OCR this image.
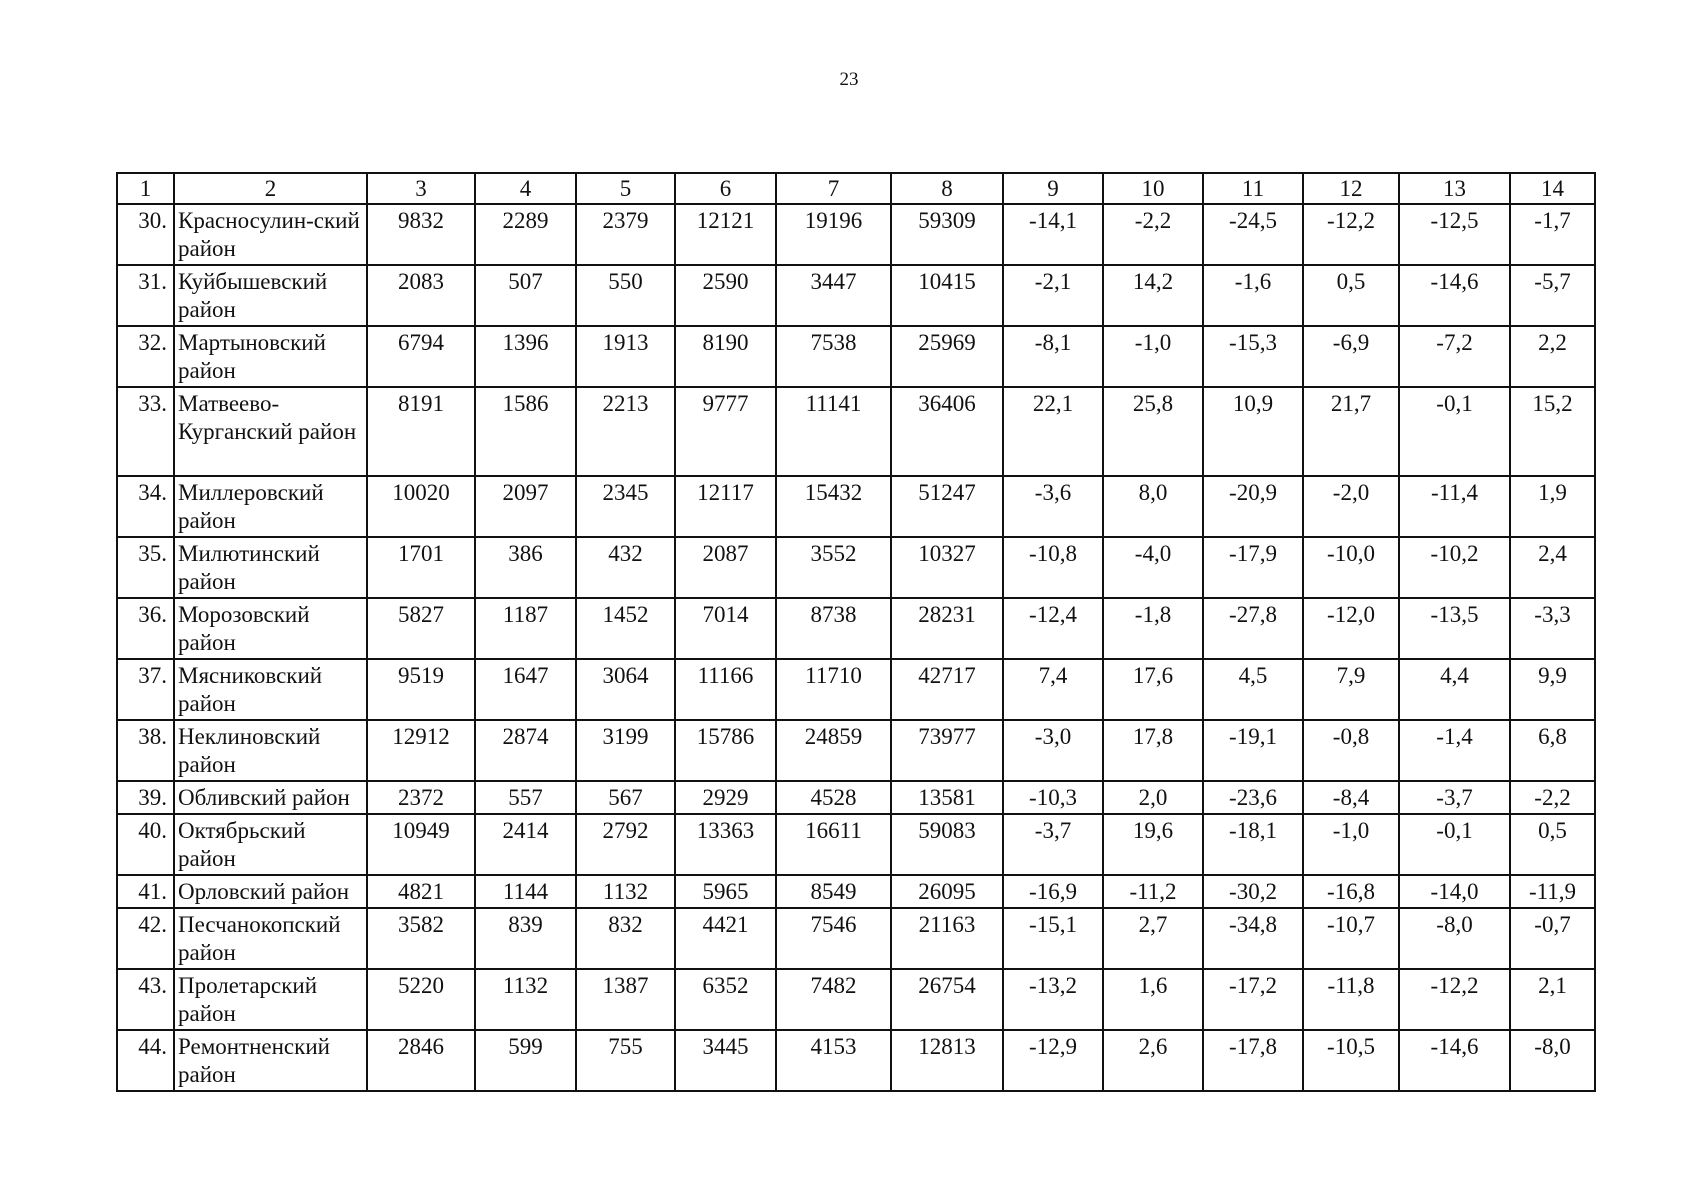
23
1	2	3	4	5	6	7	8	9	10	11	12	13	14
30.	Красносулин-ский район	9832	2289	2379	12121	19196	59309	-14,1	-2,2	-24,5	-12,2	-12,5	-1,7
31.	Куйбышевский район	2083	507	550	2590	3447	10415	-2,1	14,2	-1,6	0,5	-14,6	-5,7
32.	Мартыновский район	6794	1396	1913	8190	7538	25969	-8,1	-1,0	-15,3	-6,9	-7,2	2,2
33.	Матвеево-Курганский район	8191	1586	2213	9777	11141	36406	22,1	25,8	10,9	21,7	-0,1	15,2
34.	Миллеровский район	10020	2097	2345	12117	15432	51247	-3,6	8,0	-20,9	-2,0	-11,4	1,9
35.	Милютинский район	1701	386	432	2087	3552	10327	-10,8	-4,0	-17,9	-10,0	-10,2	2,4
36.	Морозовский район	5827	1187	1452	7014	8738	28231	-12,4	-1,8	-27,8	-12,0	-13,5	-3,3
37.	Мясниковский район	9519	1647	3064	11166	11710	42717	7,4	17,6	4,5	7,9	4,4	9,9
38.	Неклиновский район	12912	2874	3199	15786	24859	73977	-3,0	17,8	-19,1	-0,8	-1,4	6,8
39.	Обливский район	2372	557	567	2929	4528	13581	-10,3	2,0	-23,6	-8,4	-3,7	-2,2
40.	Октябрьский район	10949	2414	2792	13363	16611	59083	-3,7	19,6	-18,1	-1,0	-0,1	0,5
41.	Орловский район	4821	1144	1132	5965	8549	26095	-16,9	-11,2	-30,2	-16,8	-14,0	-11,9
42.	Песчанокопский район	3582	839	832	4421	7546	21163	-15,1	2,7	-34,8	-10,7	-8,0	-0,7
43.	Пролетарский район	5220	1132	1387	6352	7482	26754	-13,2	1,6	-17,2	-11,8	-12,2	2,1
44.	Ремонтненский район	2846	599	755	3445	4153	12813	-12,9	2,6	-17,8	-10,5	-14,6	-8,0
